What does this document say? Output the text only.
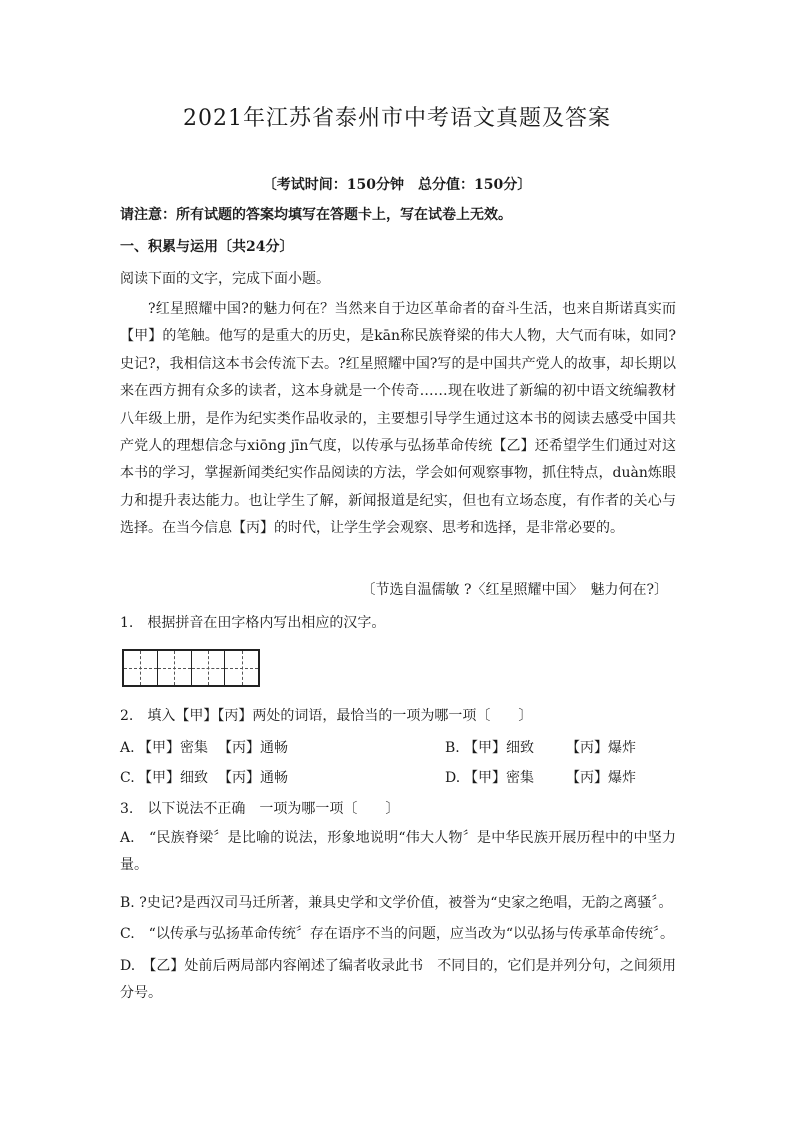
2021年江苏省泰州市中考语文真题及答案
〔考试时间：150分钟　总分值：150分〕
请注意：所有试题的答案均填写在答题卡上，写在试卷上无效。
一、积累与运用〔共24分〕
阅读下面的文字，完成下面小题。
?红星照耀中国?的魅力何在？当然来自于边区革命者的奋斗生活，也来自斯诺真实而【甲】的笔触。他写的是重大的历史，是kān称民族脊梁的伟大人物，大气而有味，如同?史记?，我相信这本书会传流下去。?红星照耀中国?写的是中国共产党人的故事，却长期以来在西方拥有众多的读者，这本身就是一个传奇……现在收进了新编的初中语文统编教材八年级上册，是作为纪实类作品收录的，主要想引导学生通过这本书的阅读去感受中国共产党人的理想信念与xiōng jīn气度，以传承与弘扬革命传统【乙】还希望学生们通过对这本书的学习，掌握新闻类纪实作品阅读的方法，学会如何观察事物，抓住特点，duàn炼眼力和提升表达能力。也让学生了解，新闻报道是纪实，但也有立场态度，有作者的关心与选择。在当今信息【丙】的时代，让学生学会观察、思考和选择，是非常必要的。
〔节选自温儒敏 ?〈红星照耀中国〉　魅力何在?〕
1.　根据拼音在田字格内写出相应的汉字。
2.　填入【甲】【丙】两处的词语，最恰当的一项为哪一项〔　　〕
A. 【甲】密集 【丙】通畅	B. 【甲】细致 【丙】爆炸
C. 【甲】细致 【丙】通畅	D. 【甲】密集 【丙】爆炸
3.　以下说法不正确　一项为哪一项〔　　〕
A.　“民族脊梁〞是比喻的说法，形象地说明“伟大人物〞是中华民族开展历程中的中坚力量。
B. ?史记?是西汉司马迁所著，兼具史学和文学价值，被誉为“史家之绝唱，无韵之离骚〞。
C.　“以传承与弘扬革命传统〞存在语序不当的问题，应当改为“以弘扬与传承革命传统〞。
D.　【乙】处前后两局部内容阐述了编者收录此书　不同目的，它们是并列分句，之间须用分号。
